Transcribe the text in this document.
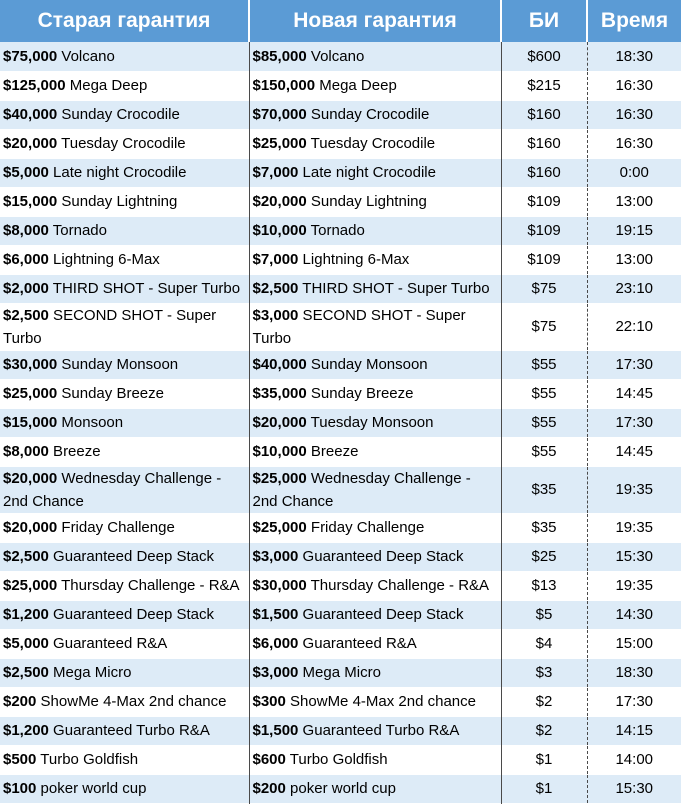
Старая гарантия	Новая гарантия	БИ	Время
$75,000 Volcano	$85,000 Volcano	$600	18:30
$125,000 Mega Deep	$150,000 Mega Deep	$215	16:30
$40,000 Sunday Crocodile	$70,000 Sunday Crocodile	$160	16:30
$20,000 Tuesday Crocodile	$25,000 Tuesday Crocodile	$160	16:30
$5,000 Late night Crocodile	$7,000 Late night Crocodile	$160	0:00
$15,000 Sunday Lightning	$20,000 Sunday Lightning	$109	13:00
$8,000 Tornado	$10,000 Tornado	$109	19:15
$6,000 Lightning 6-Max	$7,000 Lightning 6-Max	$109	13:00
$2,000 THIRD SHOT - Super Turbo	$2,500 THIRD SHOT - Super Turbo	$75	23:10
$2,500 SECOND SHOT - Super Turbo	$3,000 SECOND SHOT - Super Turbo	$75	22:10
$30,000 Sunday Monsoon	$40,000 Sunday Monsoon	$55	17:30
$25,000 Sunday Breeze	$35,000 Sunday Breeze	$55	14:45
$15,000 Monsoon	$20,000 Tuesday Monsoon	$55	17:30
$8,000 Breeze	$10,000 Breeze	$55	14:45
$20,000 Wednesday Challenge - 2nd Chance	$25,000 Wednesday Challenge - 2nd Chance	$35	19:35
$20,000 Friday Challenge	$25,000 Friday Challenge	$35	19:35
$2,500 Guaranteed Deep Stack	$3,000 Guaranteed Deep Stack	$25	15:30
$25,000 Thursday Challenge - R&A	$30,000 Thursday Challenge - R&A	$13	19:35
$1,200 Guaranteed Deep Stack	$1,500 Guaranteed Deep Stack	$5	14:30
$5,000 Guaranteed R&A	$6,000 Guaranteed R&A	$4	15:00
$2,500 Mega Micro	$3,000 Mega Micro	$3	18:30
$200 ShowMe 4-Max 2nd chance	$300 ShowMe 4-Max 2nd chance	$2	17:30
$1,200 Guaranteed Turbo R&A	$1,500 Guaranteed Turbo R&A	$2	14:15
$500 Turbo Goldfish	$600 Turbo Goldfish	$1	14:00
$100 poker world cup	$200 poker world cup	$1	15:30
